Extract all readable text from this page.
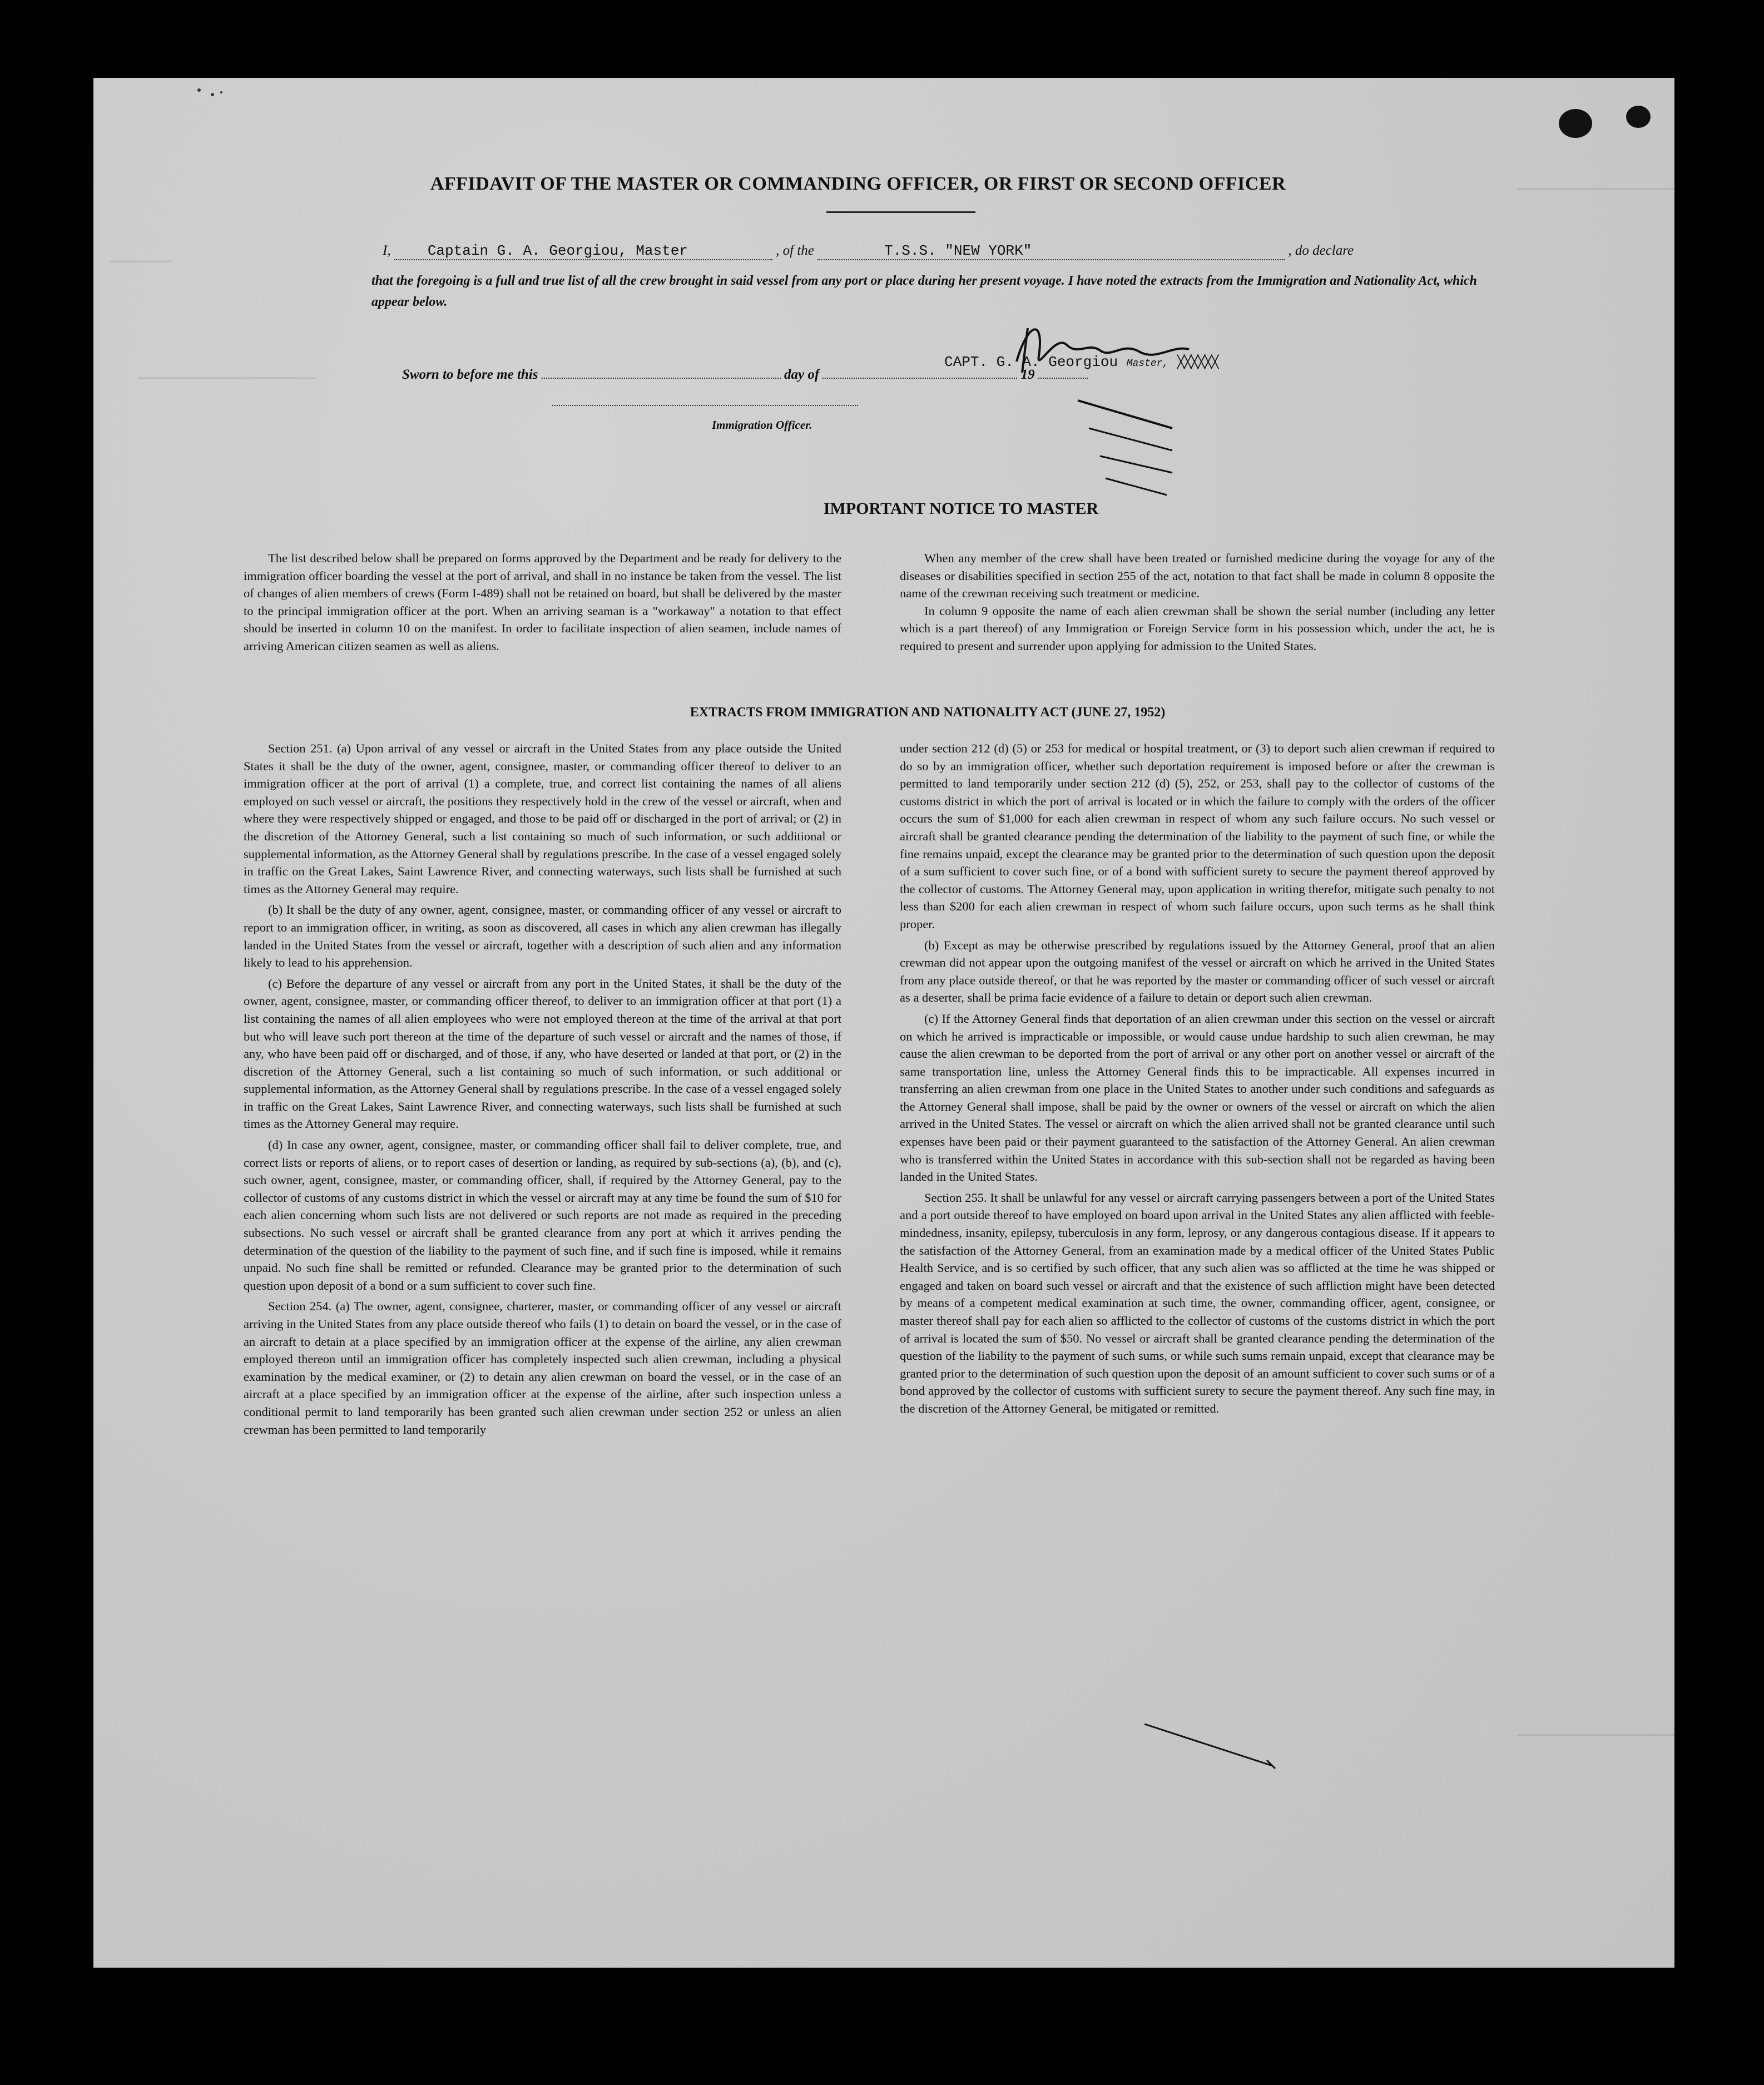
AFFIDAVIT OF THE MASTER OR COMMANDING OFFICER, OR FIRST OR SECOND OFFICER
I,	Captain G. A. Georgiou, Master	, of the	T.S.S. "NEW YORK"	, do declare
that the foregoing is a full and true list of all the crew brought in said vessel from any port or place during her present voyage. I have noted the extracts from the Immigration and Nationality Act, which appear below.
CAPT. G. A. Georgiou Master, ╳╳╳╳╳╳
Sworn to before me this	day of	19
Immigration Officer.
IMPORTANT NOTICE TO MASTER

The list described below shall be prepared on forms approved by the Department and be ready for delivery to the immigration officer boarding the vessel at the port of arrival, and shall in no instance be taken from the vessel. The list of changes of alien members of crews (Form I-489) shall not be retained on board, but shall be delivered by the master to the principal immigration officer at the port. When an arriving seaman is a "workaway" a notation to that effect should be inserted in column 10 on the manifest. In order to facilitate inspection of alien seamen, include names of arriving American citizen seamen as well as aliens.

When any member of the crew shall have been treated or furnished medicine during the voyage for any of the diseases or disabilities specified in section 255 of the act, notation to that fact shall be made in column 8 opposite the name of the crewman receiving such treatment or medicine.

In column 9 opposite the name of each alien crewman shall be shown the serial number (including any letter which is a part thereof) of any Immigration or Foreign Service form in his possession which, under the act, he is required to present and surrender upon applying for admission to the United States.

EXTRACTS FROM IMMIGRATION AND NATIONALITY ACT (JUNE 27, 1952)

Section 251. (a) Upon arrival of any vessel or aircraft in the United States from any place outside the United States it shall be the duty of the owner, agent, consignee, master, or commanding officer thereof to deliver to an immigration officer at the port of arrival (1) a complete, true, and correct list containing the names of all aliens employed on such vessel or aircraft, the positions they respectively hold in the crew of the vessel or aircraft, when and where they were respectively shipped or engaged, and those to be paid off or discharged in the port of arrival; or (2) in the discretion of the Attorney General, such a list containing so much of such information, or such additional or supplemental information, as the Attorney General shall by regulations prescribe. In the case of a vessel engaged solely in traffic on the Great Lakes, Saint Lawrence River, and connecting waterways, such lists shall be furnished at such times as the Attorney General may require.

(b) It shall be the duty of any owner, agent, consignee, master, or commanding officer of any vessel or aircraft to report to an immigration officer, in writing, as soon as discovered, all cases in which any alien crewman has illegally landed in the United States from the vessel or aircraft, together with a description of such alien and any information likely to lead to his apprehension.

(c) Before the departure of any vessel or aircraft from any port in the United States, it shall be the duty of the owner, agent, consignee, master, or commanding officer thereof, to deliver to an immigration officer at that port (1) a list containing the names of all alien employees who were not employed thereon at the time of the arrival at that port but who will leave such port thereon at the time of the departure of such vessel or aircraft and the names of those, if any, who have been paid off or discharged, and of those, if any, who have deserted or landed at that port, or (2) in the discretion of the Attorney General, such a list containing so much of such information, or such additional or supplemental information, as the Attorney General shall by regulations prescribe. In the case of a vessel engaged solely in traffic on the Great Lakes, Saint Lawrence River, and connecting waterways, such lists shall be furnished at such times as the Attorney General may require.

(d) In case any owner, agent, consignee, master, or commanding officer shall fail to deliver complete, true, and correct lists or reports of aliens, or to report cases of desertion or landing, as required by sub-sections (a), (b), and (c), such owner, agent, consignee, master, or commanding officer, shall, if required by the Attorney General, pay to the collector of customs of any customs district in which the vessel or aircraft may at any time be found the sum of $10 for each alien concerning whom such lists are not delivered or such reports are not made as required in the preceding subsections. No such vessel or aircraft shall be granted clearance from any port at which it arrives pending the determination of the question of the liability to the payment of such fine, and if such fine is imposed, while it remains unpaid. No such fine shall be remitted or refunded. Clearance may be granted prior to the determination of such question upon deposit of a bond or a sum sufficient to cover such fine.

Section 254. (a) The owner, agent, consignee, charterer, master, or commanding officer of any vessel or aircraft arriving in the United States from any place outside thereof who fails (1) to detain on board the vessel, or in the case of an aircraft to detain at a place specified by an immigration officer at the expense of the airline, any alien crewman employed thereon until an immigration officer has completely inspected such alien crewman, including a physical examination by the medical examiner, or (2) to detain any alien crewman on board the vessel, or in the case of an aircraft at a place specified by an immigration officer at the expense of the airline, after such inspection unless a conditional permit to land temporarily has been granted such alien crewman under section 252 or unless an alien crewman has been permitted to land temporarily

under section 212 (d) (5) or 253 for medical or hospital treatment, or (3) to deport such alien crewman if required to do so by an immigration officer, whether such deportation requirement is imposed before or after the crewman is permitted to land temporarily under section 212 (d) (5), 252, or 253, shall pay to the collector of customs of the customs district in which the port of arrival is located or in which the failure to comply with the orders of the officer occurs the sum of $1,000 for each alien crewman in respect of whom any such failure occurs. No such vessel or aircraft shall be granted clearance pending the determination of the liability to the payment of such fine, or while the fine remains unpaid, except the clearance may be granted prior to the determination of such question upon the deposit of a sum sufficient to cover such fine, or of a bond with sufficient surety to secure the payment thereof approved by the collector of customs. The Attorney General may, upon application in writing therefor, mitigate such penalty to not less than $200 for each alien crewman in respect of whom such failure occurs, upon such terms as he shall think proper.

(b) Except as may be otherwise prescribed by regulations issued by the Attorney General, proof that an alien crewman did not appear upon the outgoing manifest of the vessel or aircraft on which he arrived in the United States from any place outside thereof, or that he was reported by the master or commanding officer of such vessel or aircraft as a deserter, shall be prima facie evidence of a failure to detain or deport such alien crewman.

(c) If the Attorney General finds that deportation of an alien crewman under this section on the vessel or aircraft on which he arrived is impracticable or impossible, or would cause undue hardship to such alien crewman, he may cause the alien crewman to be deported from the port of arrival or any other port on another vessel or aircraft of the same transportation line, unless the Attorney General finds this to be impracticable. All expenses incurred in transferring an alien crewman from one place in the United States to another under such conditions and safeguards as the Attorney General shall impose, shall be paid by the owner or owners of the vessel or aircraft on which the alien arrived in the United States. The vessel or aircraft on which the alien arrived shall not be granted clearance until such expenses have been paid or their payment guaranteed to the satisfaction of the Attorney General. An alien crewman who is transferred within the United States in accordance with this sub-section shall not be regarded as having been landed in the United States.

Section 255. It shall be unlawful for any vessel or aircraft carrying passengers between a port of the United States and a port outside thereof to have employed on board upon arrival in the United States any alien afflicted with feeble-mindedness, insanity, epilepsy, tuberculosis in any form, leprosy, or any dangerous contagious disease. If it appears to the satisfaction of the Attorney General, from an examination made by a medical officer of the United States Public Health Service, and is so certified by such officer, that any such alien was so afflicted at the time he was shipped or engaged and taken on board such vessel or aircraft and that the existence of such affliction might have been detected by means of a competent medical examination at such time, the owner, commanding officer, agent, consignee, or master thereof shall pay for each alien so afflicted to the collector of customs of the customs district in which the port of arrival is located the sum of $50. No vessel or aircraft shall be granted clearance pending the determination of the question of the liability to the payment of such sums, or while such sums remain unpaid, except that clearance may be granted prior to the determination of such question upon the deposit of an amount sufficient to cover such sums or of a bond approved by the collector of customs with sufficient surety to secure the payment thereof. Any such fine may, in the discretion of the Attorney General, be mitigated or remitted.
